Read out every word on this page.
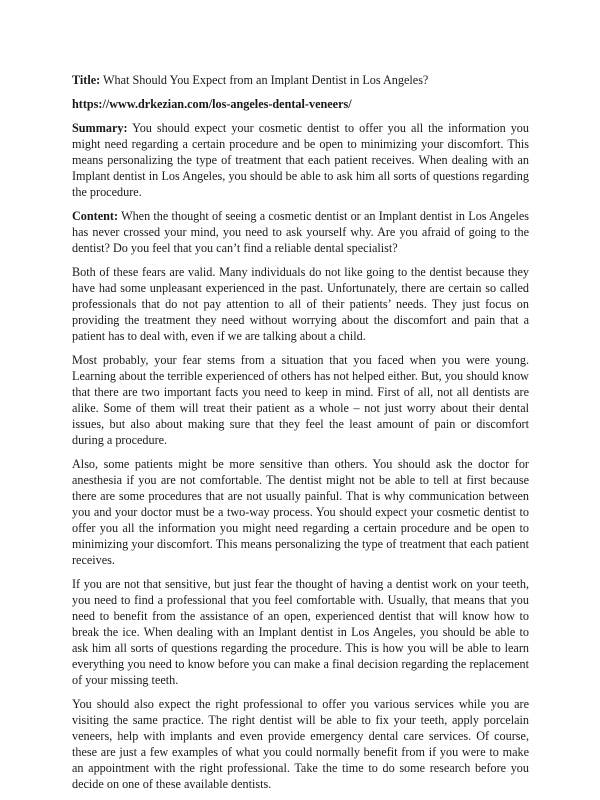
Title: What Should You Expect from an Implant Dentist in Los Angeles?

https://www.drkezian.com/los-angeles-dental-veneers/

Summary: You should expect your cosmetic dentist to offer you all the information you might need regarding a certain procedure and be open to minimizing your discomfort. This means personalizing the type of treatment that each patient receives. When dealing with an Implant dentist in Los Angeles, you should be able to ask him all sorts of questions regarding the procedure.

Content: When the thought of seeing a cosmetic dentist or an Implant dentist in Los Angeles has never crossed your mind, you need to ask yourself why. Are you afraid of going to the dentist? Do you feel that you can’t find a reliable dental specialist?

Both of these fears are valid. Many individuals do not like going to the dentist because they have had some unpleasant experienced in the past. Unfortunately, there are certain so called professionals that do not pay attention to all of their patients’ needs. They just focus on providing the treatment they need without worrying about the discomfort and pain that a patient has to deal with, even if we are talking about a child.

Most probably, your fear stems from a situation that you faced when you were young. Learning about the terrible experienced of others has not helped either. But, you should know that there are two important facts you need to keep in mind. First of all, not all dentists are alike. Some of them will treat their patient as a whole – not just worry about their dental issues, but also about making sure that they feel the least amount of pain or discomfort during a procedure.

Also, some patients might be more sensitive than others. You should ask the doctor for anesthesia if you are not comfortable. The dentist might not be able to tell at first because there are some procedures that are not usually painful. That is why communication between you and your doctor must be a two-way process. You should expect your cosmetic dentist to offer you all the information you might need regarding a certain procedure and be open to minimizing your discomfort. This means personalizing the type of treatment that each patient receives.

If you are not that sensitive, but just fear the thought of having a dentist work on your teeth, you need to find a professional that you feel comfortable with. Usually, that means that you need to benefit from the assistance of an open, experienced dentist that will know how to break the ice. When dealing with an Implant dentist in Los Angeles, you should be able to ask him all sorts of questions regarding the procedure. This is how you will be able to learn everything you need to know before you can make a final decision regarding the replacement of your missing teeth.

You should also expect the right professional to offer you various services while you are visiting the same practice. The right dentist will be able to fix your teeth, apply porcelain veneers, help with implants and even provide emergency dental care services. Of course, these are just a few examples of what you could normally benefit from if you were to make an appointment with the right professional. Take the time to do some research before you decide on one of these available dentists.
